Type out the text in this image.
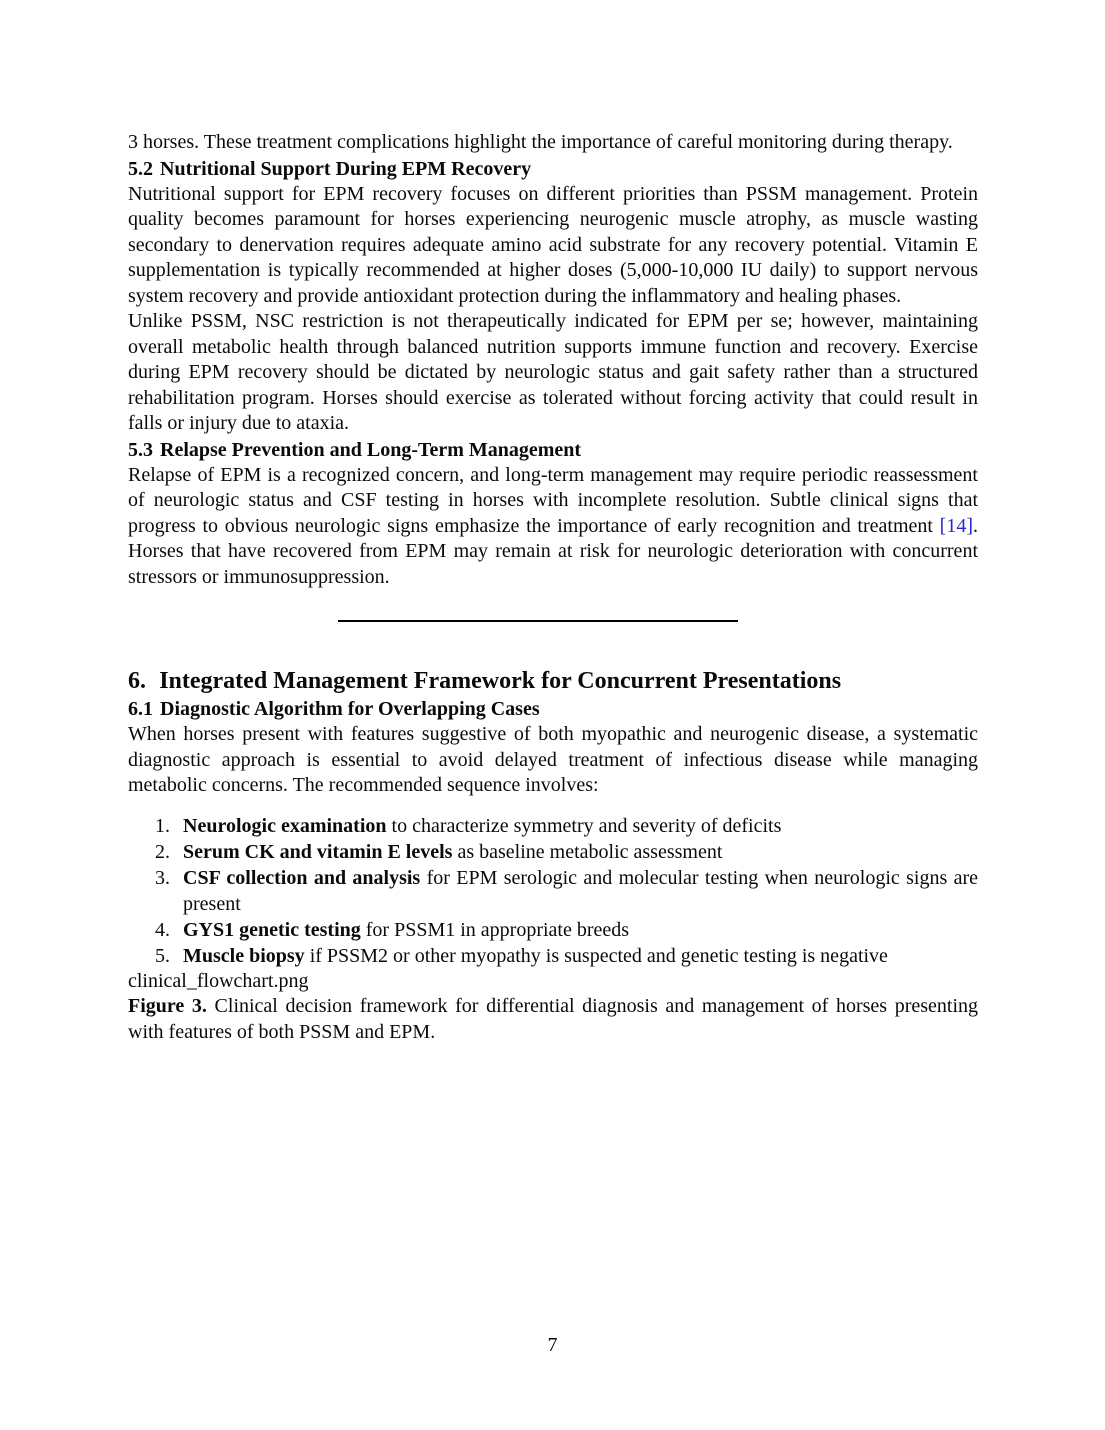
3 horses. These treatment complications highlight the importance of careful monitoring during therapy.

5.2 Nutritional Support During EPM Recovery

Nutritional support for EPM recovery focuses on different priorities than PSSM management. Protein quality becomes paramount for horses experiencing neurogenic muscle atrophy, as muscle wasting secondary to denervation requires adequate amino acid substrate for any recovery potential. Vitamin E supplementation is typically recommended at higher doses (5,000-10,000 IU daily) to support nervous system recovery and provide antioxidant protection during the inflammatory and healing phases.

Unlike PSSM, NSC restriction is not therapeutically indicated for EPM per se; however, maintaining overall metabolic health through balanced nutrition supports immune function and recovery. Exercise during EPM recovery should be dictated by neurologic status and gait safety rather than a structured rehabilitation program. Horses should exercise as tolerated without forcing activity that could result in falls or injury due to ataxia.

5.3 Relapse Prevention and Long-Term Management

Relapse of EPM is a recognized concern, and long-term management may require periodic reassessment of neurologic status and CSF testing in horses with incomplete resolution. Subtle clinical signs that progress to obvious neurologic signs emphasize the importance of early recognition and treatment [14]. Horses that have recovered from EPM may remain at risk for neurologic deterioration with concurrent stressors or immunosuppression.

6. Integrated Management Framework for Concurrent Presentations
6.1 Diagnostic Algorithm for Overlapping Cases

When horses present with features suggestive of both myopathic and neurogenic disease, a systematic diagnostic approach is essential to avoid delayed treatment of infectious disease while managing metabolic concerns. The recommended sequence involves:

1. Neurologic examination to characterize symmetry and severity of deficits
2. Serum CK and vitamin E levels as baseline metabolic assessment
3. CSF collection and analysis for EPM serologic and molecular testing when neurologic signs are present
4. GYS1 genetic testing for PSSM1 in appropriate breeds
5. Muscle biopsy if PSSM2 or other myopathy is suspected and genetic testing is negative

clinical_flowchart.png

Figure 3. Clinical decision framework for differential diagnosis and management of horses presenting with features of both PSSM and EPM.

7
